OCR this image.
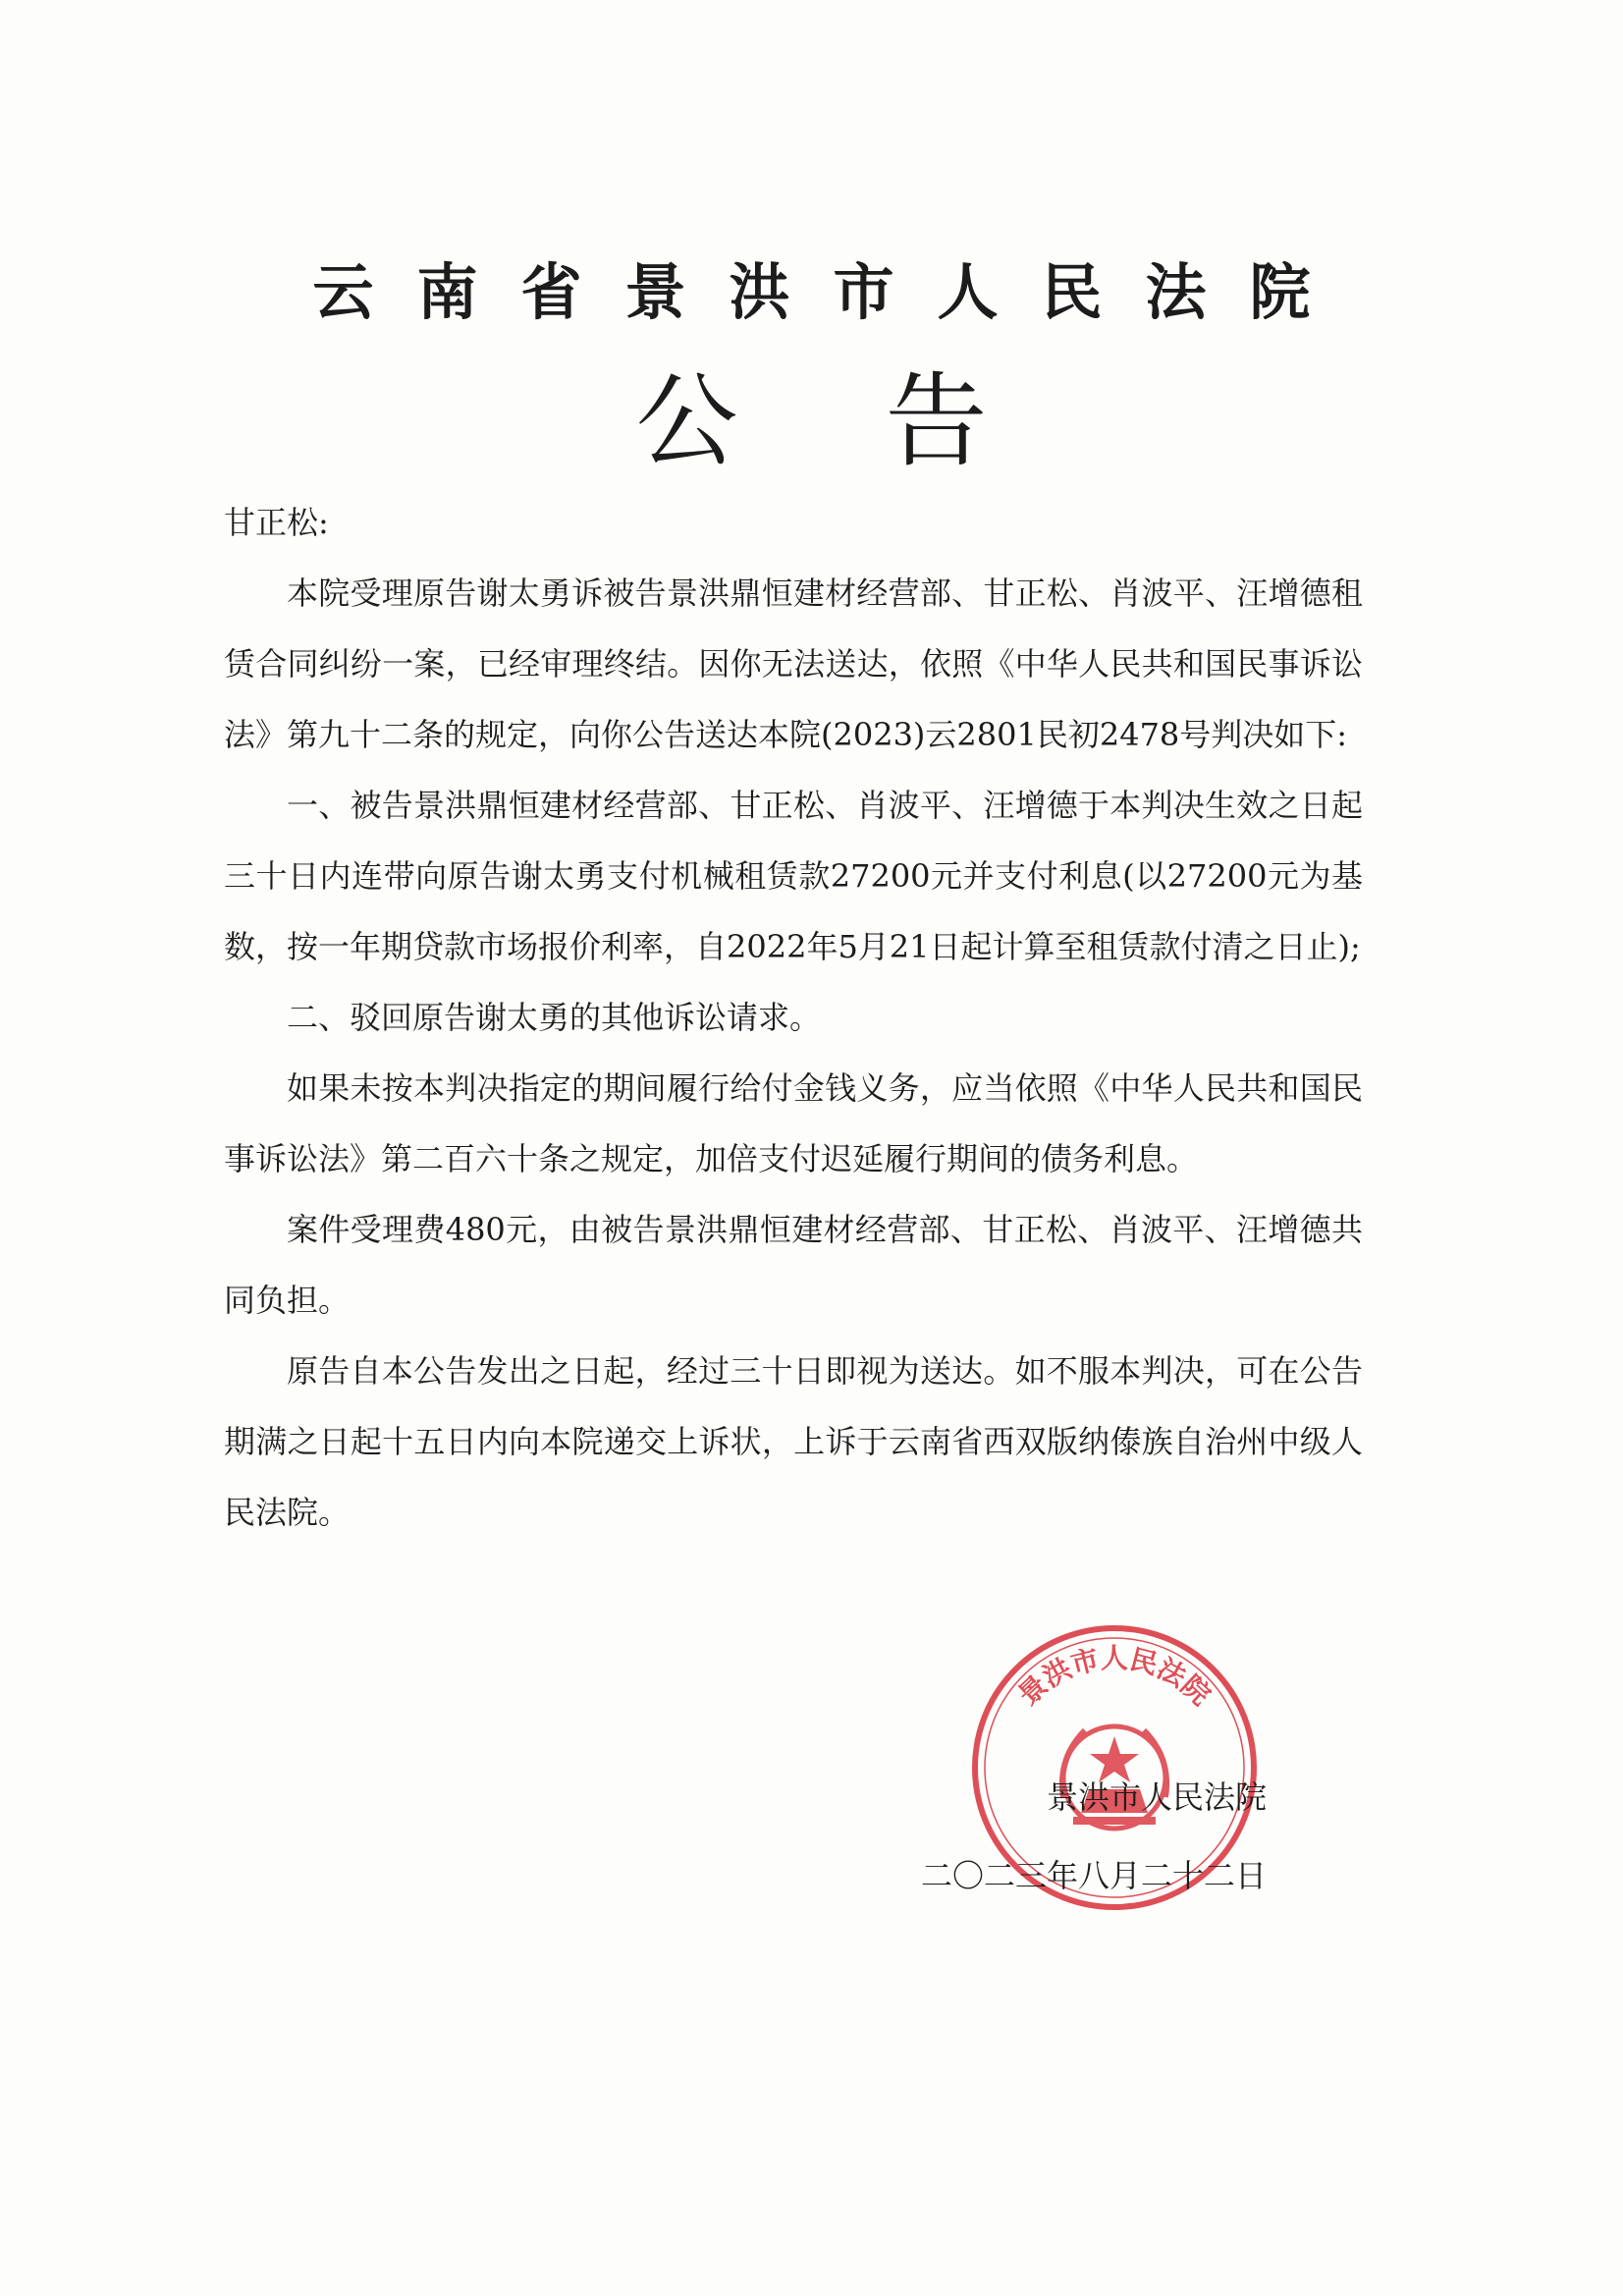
云南省景洪市人民法院
公告

甘正松:

本院受理原告谢太勇诉被告景洪鼎恒建材经营部、甘正松、肖波平、汪增德租赁合同纠纷一案，已经审理终结。因你无法送达，依照《中华人民共和国民事诉讼法》第九十二条的规定，向你公告送达本院(2023)云2801民初2478号判决如下:

一、被告景洪鼎恒建材经营部、甘正松、肖波平、汪增德于本判决生效之日起三十日内连带向原告谢太勇支付机械租赁款27200元并支付利息(以27200元为基数，按一年期贷款市场报价利率，自2022年5月21日起计算至租赁款付清之日止);

二、驳回原告谢太勇的其他诉讼请求。

如果未按本判决指定的期间履行给付金钱义务，应当依照《中华人民共和国民事诉讼法》第二百六十条之规定，加倍支付迟延履行期间的债务利息。

案件受理费480元，由被告景洪鼎恒建材经营部、甘正松、肖波平、汪增德共同负担。

原告自本公告发出之日起，经过三十日即视为送达。如不服本判决，可在公告期满之日起十五日内向本院递交上诉状，上诉于云南省西双版纳傣族自治州中级人民法院。

景洪市人民法院
景洪市人民法院
二〇二三年八月二十二日
